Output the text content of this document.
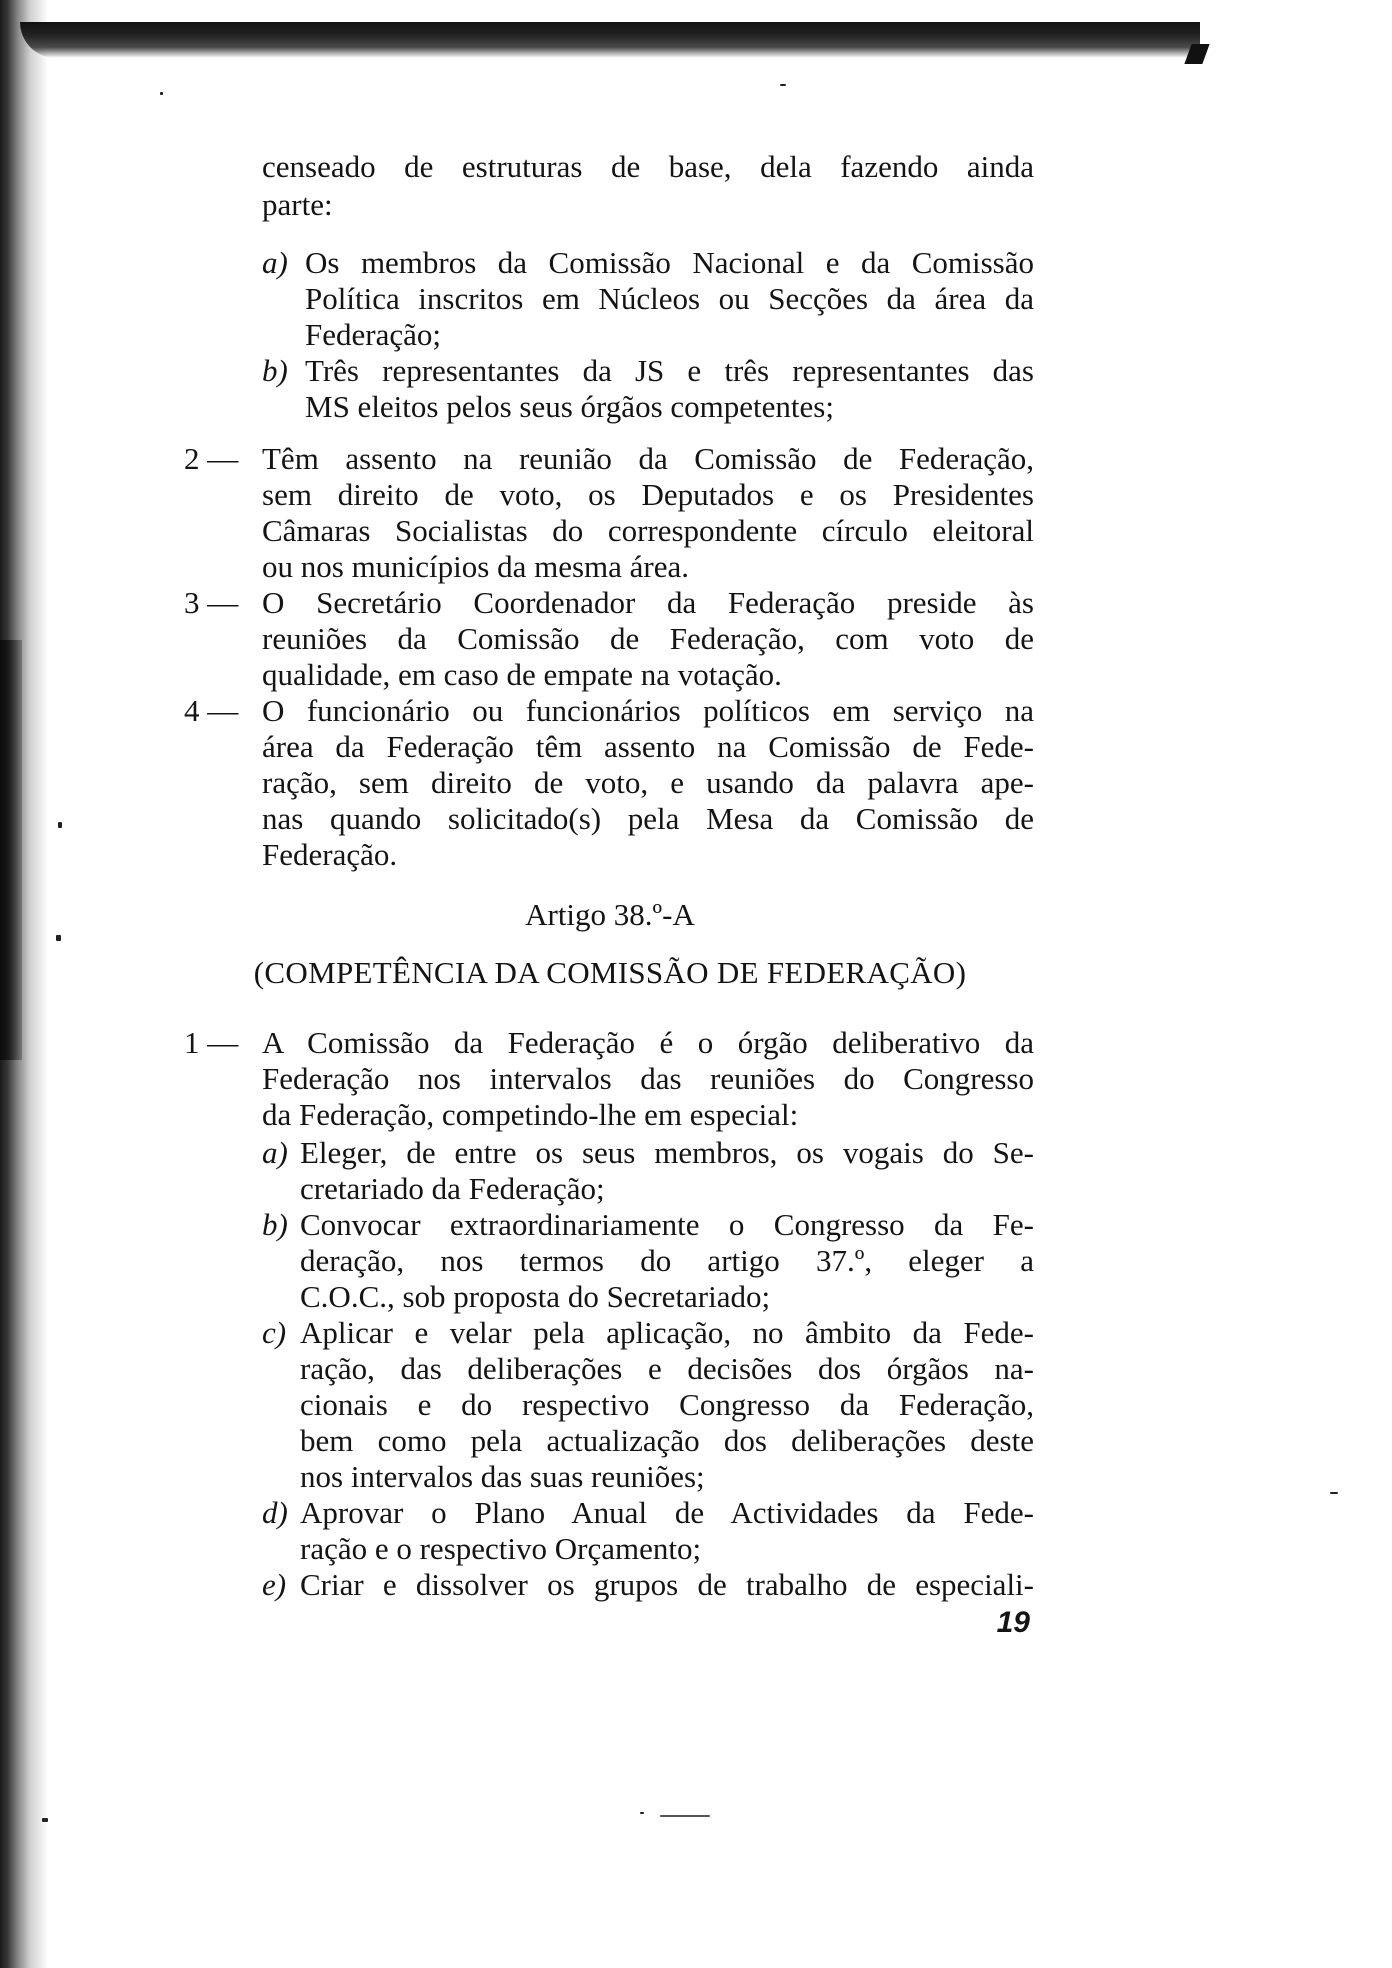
censeado de estruturas de base, dela fazendo ainda
parte:
a) Os membros da Comissão Nacional e da Comissão
Política inscritos em Núcleos ou Secções da área da
Federação;
b) Três representantes da JS e três representantes das
MS eleitos pelos seus órgãos competentes;
2 — Têm assento na reunião da Comissão de Federação,
sem direito de voto, os Deputados e os Presidentes
Câmaras Socialistas do correspondente círculo eleitoral
ou nos municípios da mesma área.
3 — O Secretário Coordenador da Federação preside às
reuniões da Comissão de Federação, com voto de
qualidade, em caso de empate na votação.
4 — O funcionário ou funcionários políticos em serviço na
área da Federação têm assento na Comissão de Fede-
ração, sem direito de voto, e usando da palavra ape-
nas quando solicitado(s) pela Mesa da Comissão de
Federação.
Artigo 38.º-A
(COMPETÊNCIA DA COMISSÃO DE FEDERAÇÃO)
1 — A Comissão da Federação é o órgão deliberativo da
Federação nos intervalos das reuniões do Congresso
da Federação, competindo-lhe em especial:
a) Eleger, de entre os seus membros, os vogais do Se-
cretariado da Federação;
b) Convocar extraordinariamente o Congresso da Fe-
deração, nos termos do artigo 37.º, eleger a
C.O.C., sob proposta do Secretariado;
c) Aplicar e velar pela aplicação, no âmbito da Fede-
ração, das deliberações e decisões dos órgãos na-
cionais e do respectivo Congresso da Federação,
bem como pela actualização dos deliberações deste
nos intervalos das suas reuniões;
d) Aprovar o Plano Anual de Actividades da Fede-
ração e o respectivo Orçamento;
e) Criar e dissolver os grupos de trabalho de especiali-
19
